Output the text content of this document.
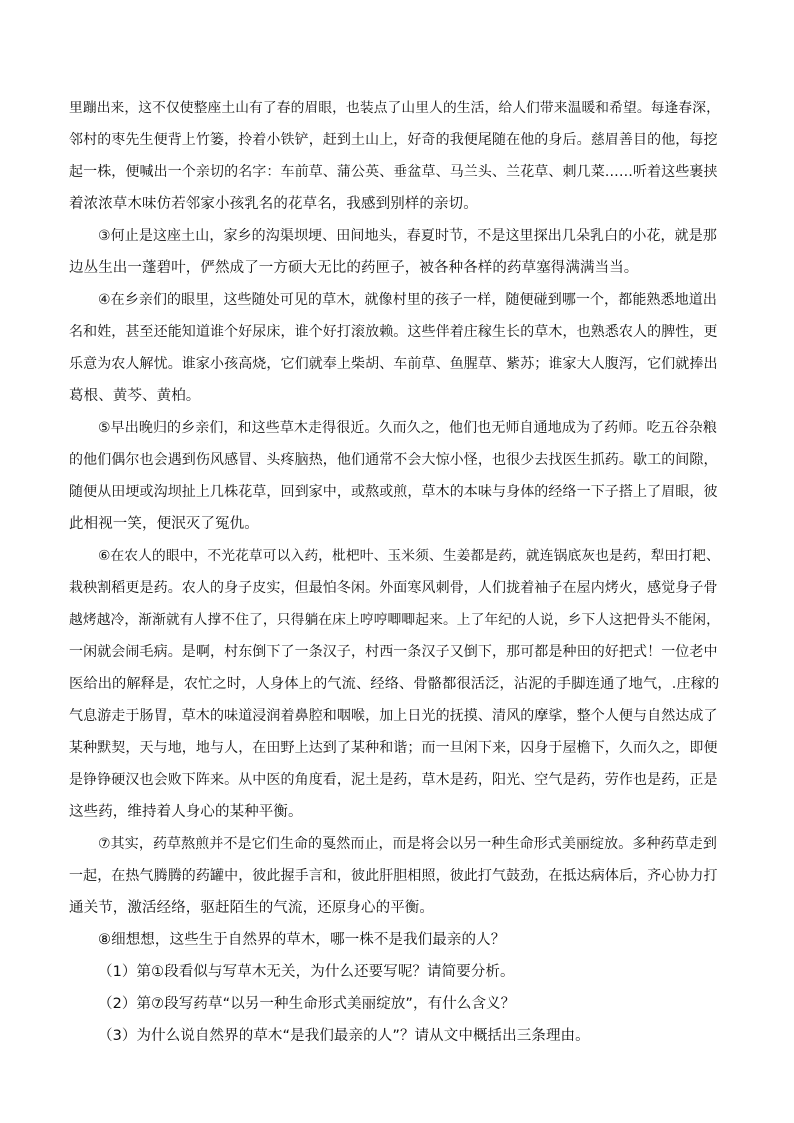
里蹦出来，这不仅使整座土山有了春的眉眼，也装点了山里人的生活，给人们带来温暖和希望。每逢春深，
邻村的枣先生便背上竹篓，拎着小铁铲，赶到土山上，好奇的我便尾随在他的身后。慈眉善目的他，每挖
起一株，便喊出一个亲切的名字：车前草、蒲公英、垂盆草、马兰头、兰花草、刺几菜……听着这些裹挟
着浓浓草木味仿若邻家小孩乳名的花草名，我感到别样的亲切。
③何止是这座土山，家乡的沟渠坝埂、田间地头，春夏时节，不是这里探出几朵乳白的小花，就是那
边丛生出一蓬碧叶，俨然成了一方硕大无比的药匣子，被各种各样的药草塞得满满当当。
④在乡亲们的眼里，这些随处可见的草木，就像村里的孩子一样，随便碰到哪一个，都能熟悉地道出
名和姓，甚至还能知道谁个好尿床，谁个好打滚放赖。这些伴着庄稼生长的草木，也熟悉农人的脾性，更
乐意为农人解忧。谁家小孩高烧，它们就奉上柴胡、车前草、鱼腥草、紫苏；谁家大人腹泻，它们就捧出
葛根、黄芩、黄柏。
⑤早出晚归的乡亲们，和这些草木走得很近。久而久之，他们也无师自通地成为了药师。吃五谷杂粮
的他们偶尔也会遇到伤风感冒、头疼脑热，他们通常不会大惊小怪，也很少去找医生抓药。歇工的间隙，
随便从田埂或沟坝扯上几株花草，回到家中，或熬或煎，草木的本味与身体的经络一下子搭上了眉眼，彼
此相视一笑，便泯灭了冤仇。
⑥在农人的眼中，不光花草可以入药，枇杷叶、玉米须、生姜都是药，就连锅底灰也是药，犁田打耙、
栽秧割稻更是药。农人的身子皮实，但最怕冬闲。外面寒风刺骨，人们拢着袖子在屋内烤火，感觉身子骨
越烤越冷，渐渐就有人撑不住了，只得躺在床上哼哼唧唧起来。上了年纪的人说，乡下人这把骨头不能闲，
一闲就会闹毛病。是啊，村东倒下了一条汉子，村西一条汉子又倒下，那可都是种田的好把式！一位老中
医给出的解释是，农忙之时，人身体上的气流、经络、骨骼都很活泛，沾泥的手脚连通了地气，.庄稼的
气息游走于肠胃，草木的味道浸润着鼻腔和咽喉，加上日光的抚摸、清风的摩挲，整个人便与自然达成了
某种默契，天与地，地与人，在田野上达到了某种和谐；而一旦闲下来，囚身于屋檐下，久而久之，即便
是铮铮硬汉也会败下阵来。从中医的角度看，泥土是药，草木是药，阳光、空气是药，劳作也是药，正是
这些药，维持着人身心的某种平衡。
⑦其实，药草熬煎并不是它们生命的戛然而止，而是将会以另一种生命形式美丽绽放。多种药草走到
一起，在热气腾腾的药罐中，彼此握手言和，彼此肝胆相照，彼此打气鼓劲，在抵达病体后，齐心协力打
通关节，激活经络，驱赶陌生的气流，还原身心的平衡。
⑧细想想，这些生于自然界的草木，哪一株不是我们最亲的人？
（1）第①段看似与写草木无关，为什么还要写呢？请简要分析。
（2）第⑦段写药草“以另一种生命形式美丽绽放”，有什么含义？
（3）为什么说自然界的草木“是我们最亲的人”？请从文中概括出三条理由。
